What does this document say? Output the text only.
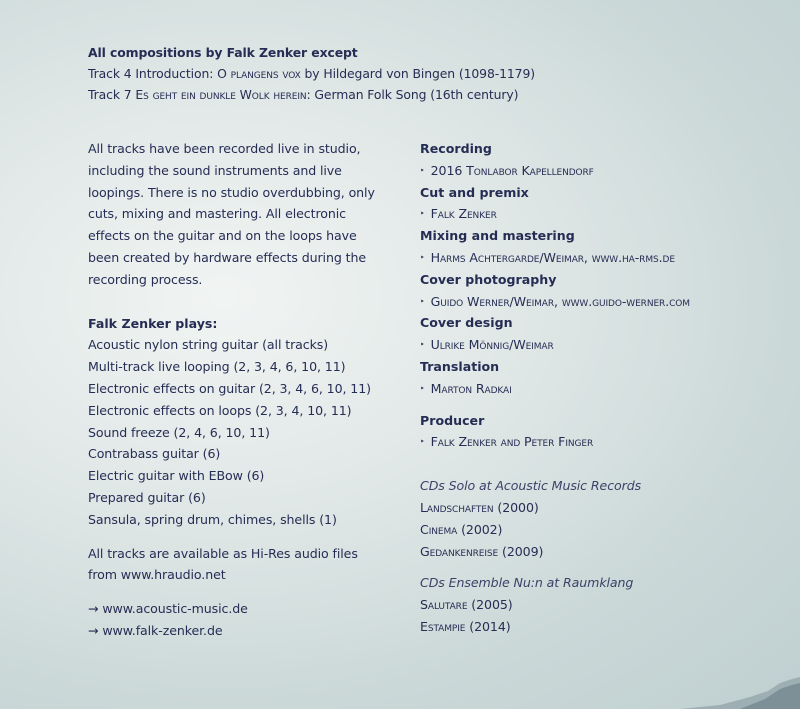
All compositions by Falk Zenker except
Track 4 Introduction: O plangens vox by Hildegard von Bingen (1098-1179)
Track 7 Es geht ein dunkle Wolk herein: German Folk Song (16th century)
All tracks have been recorded live in studio,
including the sound instruments and live
loopings. There is no studio overdubbing, only
cuts, mixing and mastering. All electronic
effects on the guitar and on the loops have
been created by hardware effects during the
recording process.
Falk Zenker plays:
Acoustic nylon string guitar (all tracks)
Multi-track live looping (2, 3, 4, 6, 10, 11)
Electronic effects on guitar (2, 3, 4, 6, 10, 11)
Electronic effects on loops (2, 3, 4, 10, 11)
Sound freeze (2, 4, 6, 10, 11)
Contrabass guitar (6)
Electric guitar with EBow (6)
Prepared guitar (6)
Sansula, spring drum, chimes, shells (1)
All tracks are available as Hi-Res audio files
from www.hraudio.net
→ www.acoustic-music.de
→ www.falk-zenker.de
Recording
‣ 2016 Tonlabor Kapellendorf
Cut and premix
‣ Falk Zenker
Mixing and mastering
‣ Harms Achtergarde/Weimar, www.ha-rms.de
Cover photography
‣ Guido Werner/Weimar, www.guido-werner.com
Cover design
‣ Ulrike Mönnig/Weimar
Translation
‣ Marton Radkai
Producer
‣ Falk Zenker and Peter Finger
CDs Solo at Acoustic Music Records
Landschaften (2000)
Cinema (2002)
Gedankenreise (2009)
CDs Ensemble Nu:n at Raumklang
Salutare (2005)
Estampie (2014)
